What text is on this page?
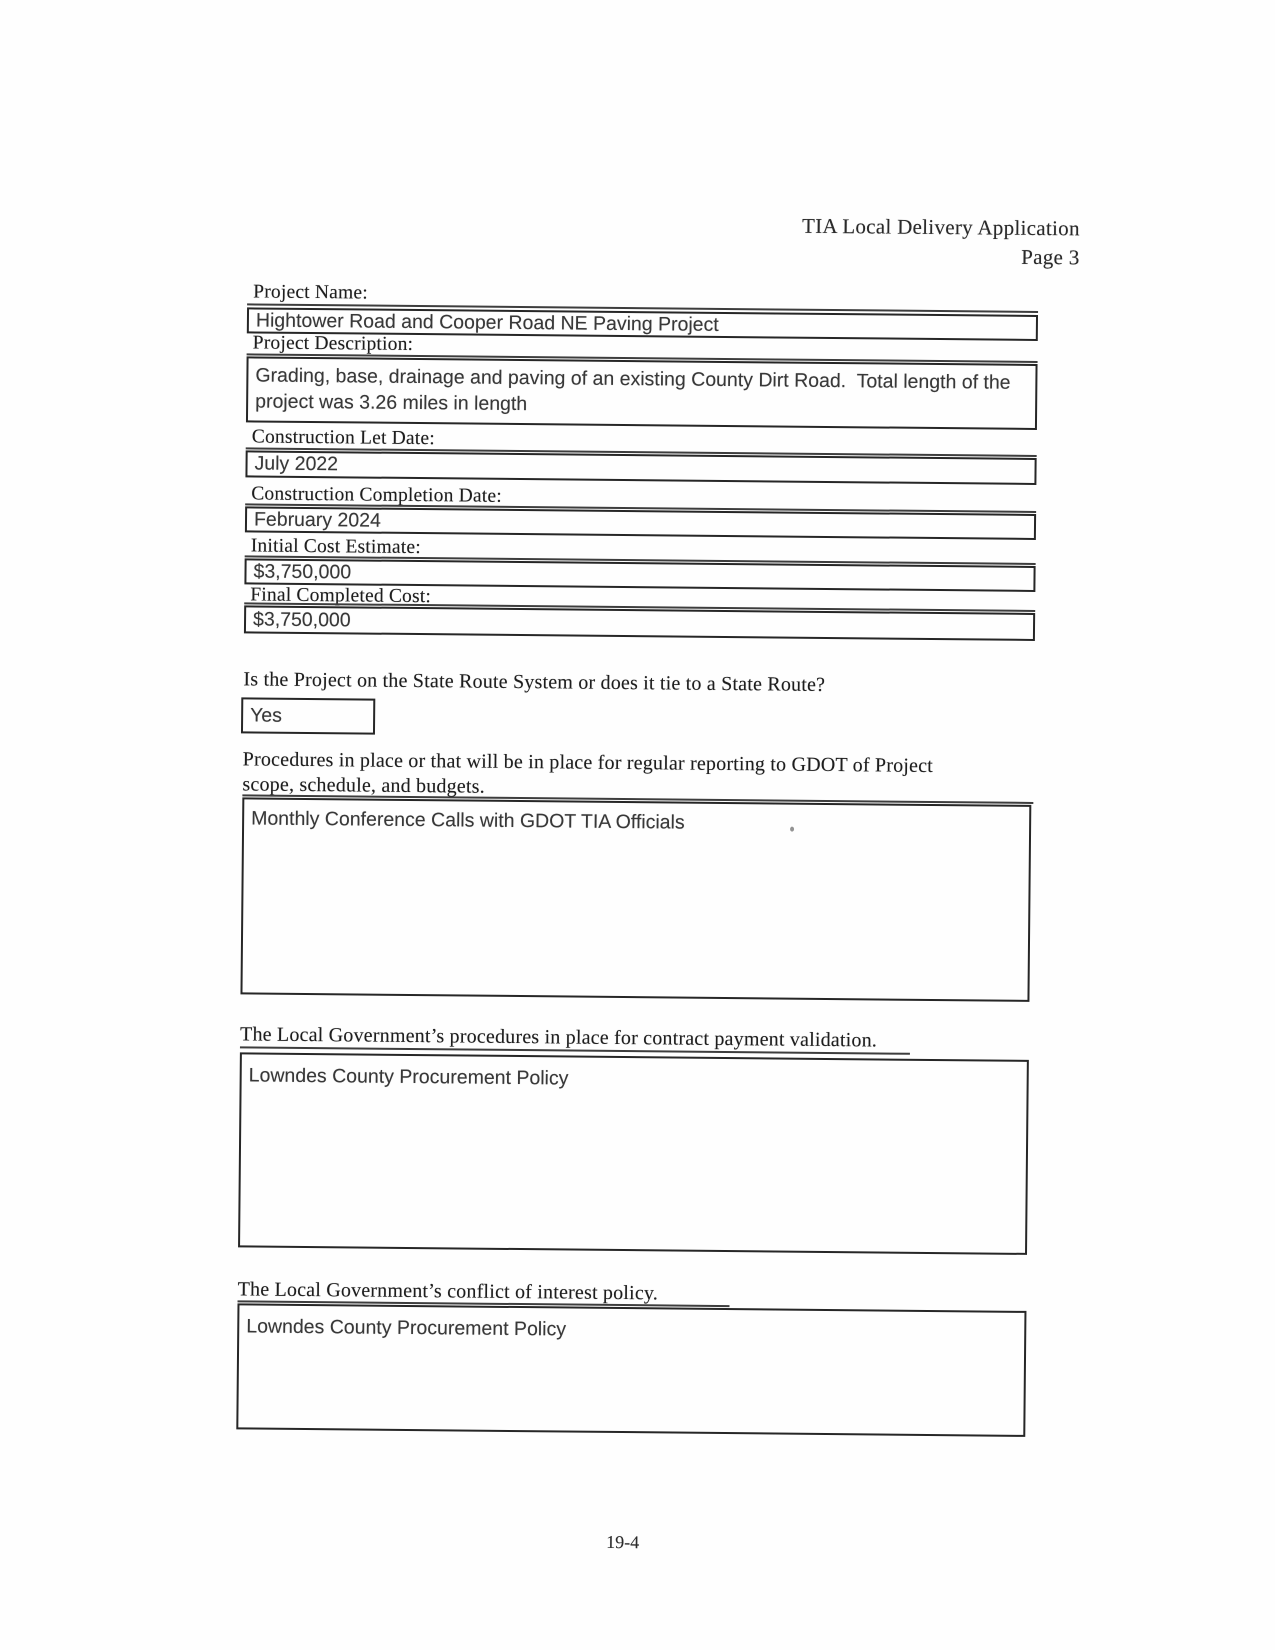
TIA Local Delivery Application
Page 3
Project Name:
Hightower Road and Cooper Road NE Paving Project
Project Description:
Grading, base, drainage and paving of an existing County Dirt Road.  Total length of the project was 3.26 miles in length
Construction Let Date:
July 2022
Construction Completion Date:
February 2024
Initial Cost Estimate:
$3,750,000
Final Completed Cost:
$3,750,000
Is the Project on the State Route System or does it tie to a State Route?
Yes
Procedures in place or that will be in place for regular reporting to GDOT of Project
scope, schedule, and budgets.
Monthly Conference Calls with GDOT TIA Officials
The Local Government’s procedures in place for contract payment validation.
Lowndes County Procurement Policy
The Local Government’s conflict of interest policy.
Lowndes County Procurement Policy
19-4
